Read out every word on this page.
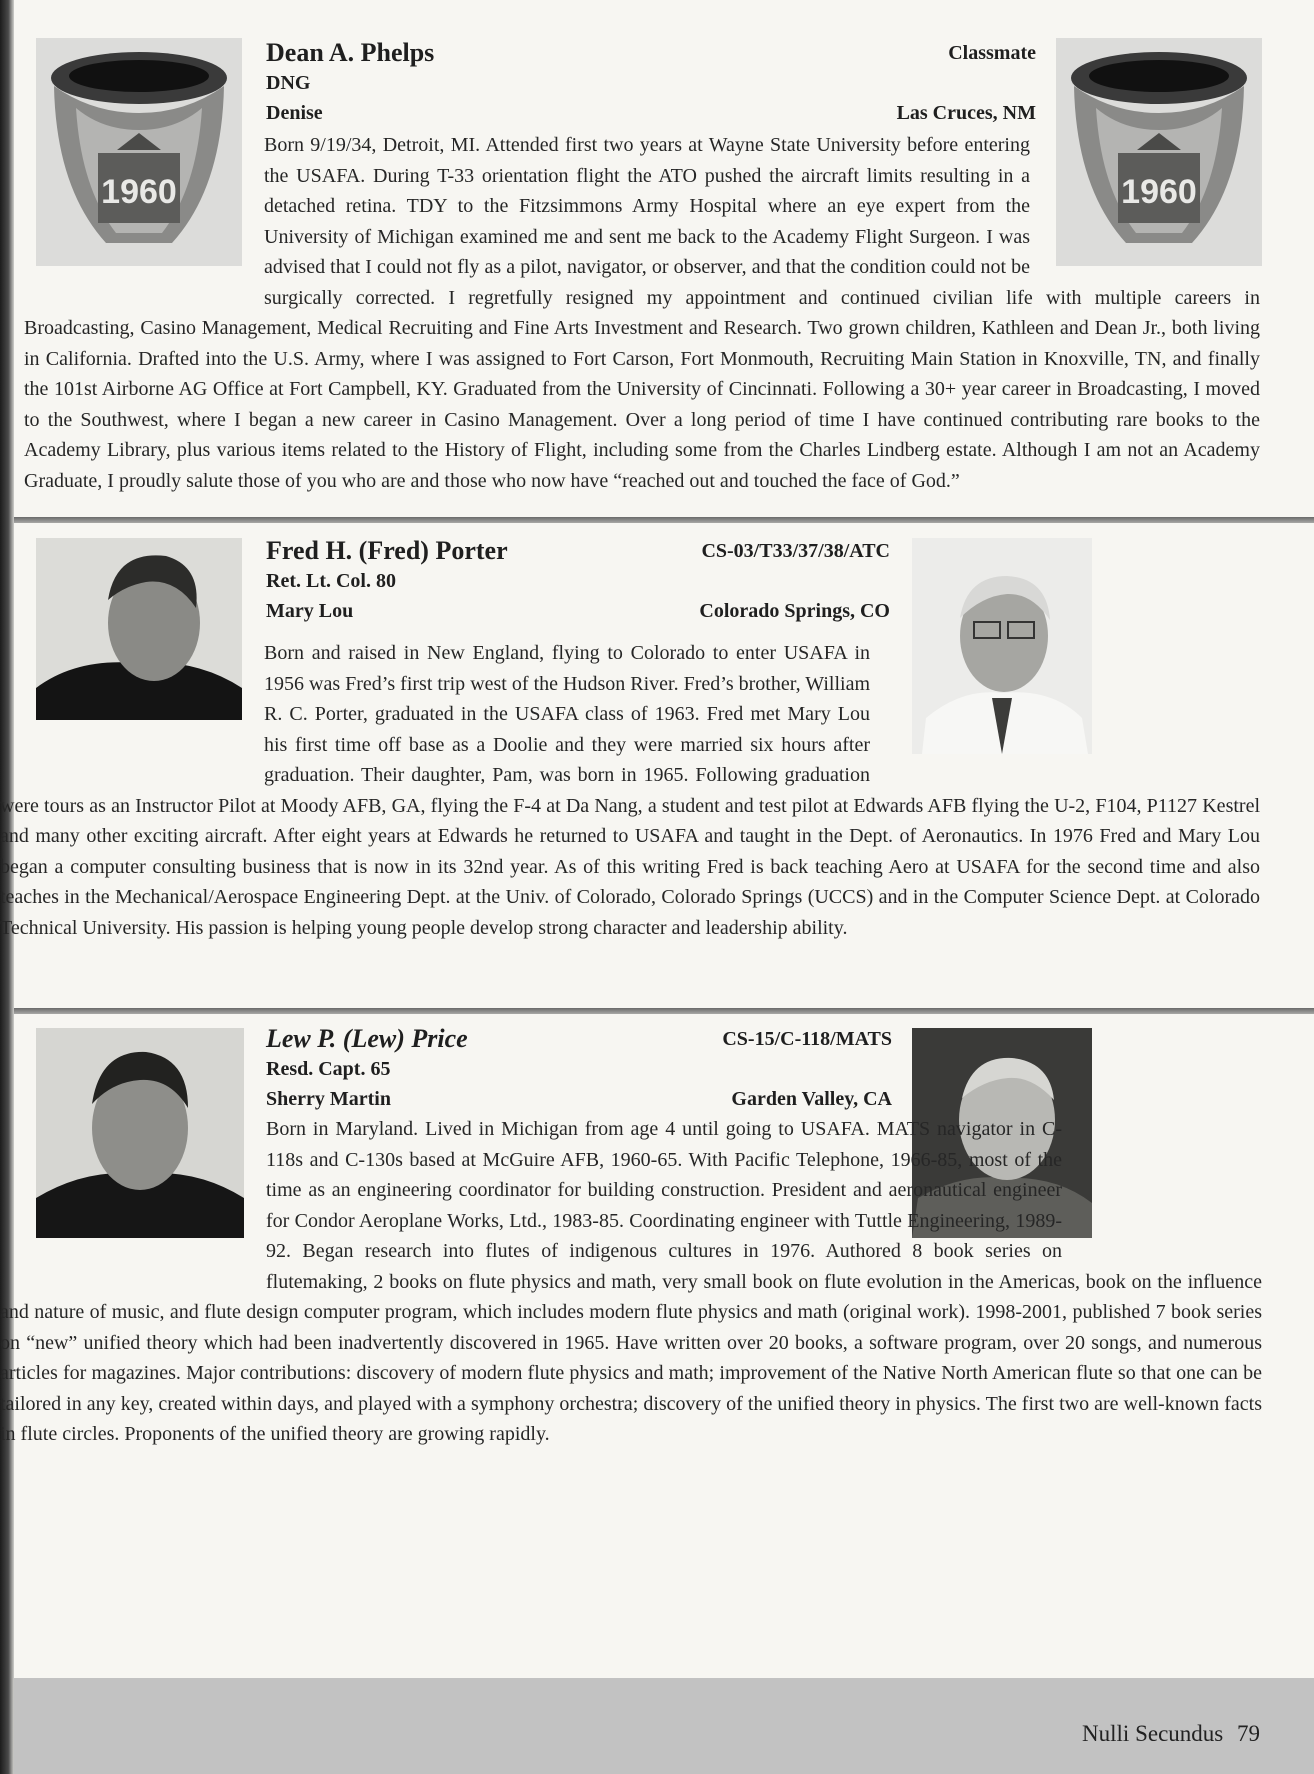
1960	1960
Dean A. Phelps	Classmate
DNG
Denise	Las Cruces, NM
Born 9/19/34, Detroit, MI. Attended first two years at Wayne State University before entering the USAFA. During T-33 orientation flight the ATO pushed the aircraft limits resulting in a detached retina. TDY to the Fitzsimmons Army Hospital where an eye expert from the University of Michigan examined me and sent me back to the Academy Flight Surgeon. I was advised that I could not fly as a pilot, navigator, or observer, and that the condition could not be surgically corrected. I regretfully resigned my appointment and continued civilian life with multiple careers in Broadcasting, Casino Management, Medical Recruiting and Fine Arts Investment and Research. Two grown children, Kathleen and Dean Jr., both living in California. Drafted into the U.S. Army, where I was assigned to Fort Carson, Fort Monmouth, Recruiting Main Station in Knoxville, TN, and finally the 101st Airborne AG Office at Fort Campbell, KY. Graduated from the University of Cincinnati. Following a 30+ year career in Broadcasting, I moved to the Southwest, where I began a new career in Casino Management. Over a long period of time I have continued contributing rare books to the Academy Library, plus various items related to the History of Flight, including some from the Charles Lindberg estate. Although I am not an Academy Graduate, I proudly salute those of you who are and those who now have “reached out and touched the face of God.”
Fred H. (Fred) Porter	CS-03/T33/37/38/ATC
Ret. Lt. Col. 80
Mary Lou	Colorado Springs, CO
Born and raised in New England, flying to Colorado to enter USAFA in 1956 was Fred’s first trip west of the Hudson River. Fred’s brother, William R. C. Porter, graduated in the USAFA class of 1963. Fred met Mary Lou his first time off base as a Doolie and they were married six hours after graduation. Their daughter, Pam, was born in 1965. Following graduation were tours as an Instructor Pilot at Moody AFB, GA, flying the F-4 at Da Nang, a student and test pilot at Edwards AFB flying the U-2, F104, P1127 Kestrel and many other exciting aircraft. After eight years at Edwards he returned to USAFA and taught in the Dept. of Aeronautics. In 1976 Fred and Mary Lou began a computer consulting business that is now in its 32nd year. As of this writing Fred is back teaching Aero at USAFA for the second time and also teaches in the Mechanical/Aerospace Engineering Dept. at the Univ. of Colorado, Colorado Springs (UCCS) and in the Computer Science Dept. at Colorado Technical University. His passion is helping young people develop strong character and leadership ability.
Lew P. (Lew) Price	CS-15/C-118/MATS
Resd. Capt. 65
Sherry Martin	Garden Valley, CA
Born in Maryland. Lived in Michigan from age 4 until going to USAFA. MATS navigator in C-118s and C-130s based at McGuire AFB, 1960-65. With Pacific Telephone, 1966-85, most of the time as an engineering coordinator for building construction. President and aeronautical engineer for Condor Aeroplane Works, Ltd., 1983-85. Coordinating engineer with Tuttle Engineering, 1989-92. Began research into flutes of indigenous cultures in 1976. Authored 8 book series on flutemaking, 2 books on flute physics and math, very small book on flute evolution in the Americas, book on the influence and nature of music, and flute design computer program, which includes modern flute physics and math (original work). 1998-2001, published 7 book series on “new” unified theory which had been inadvertently discovered in 1965. Have written over 20 books, a software program, over 20 songs, and numerous articles for magazines. Major contributions: discovery of modern flute physics and math; improvement of the Native North American flute so that one can be tailored in any key, created within days, and played with a symphony orchestra; discovery of the unified theory in physics. The first two are well-known facts in flute circles. Proponents of the unified theory are growing rapidly.
Nulli Secundus 79
